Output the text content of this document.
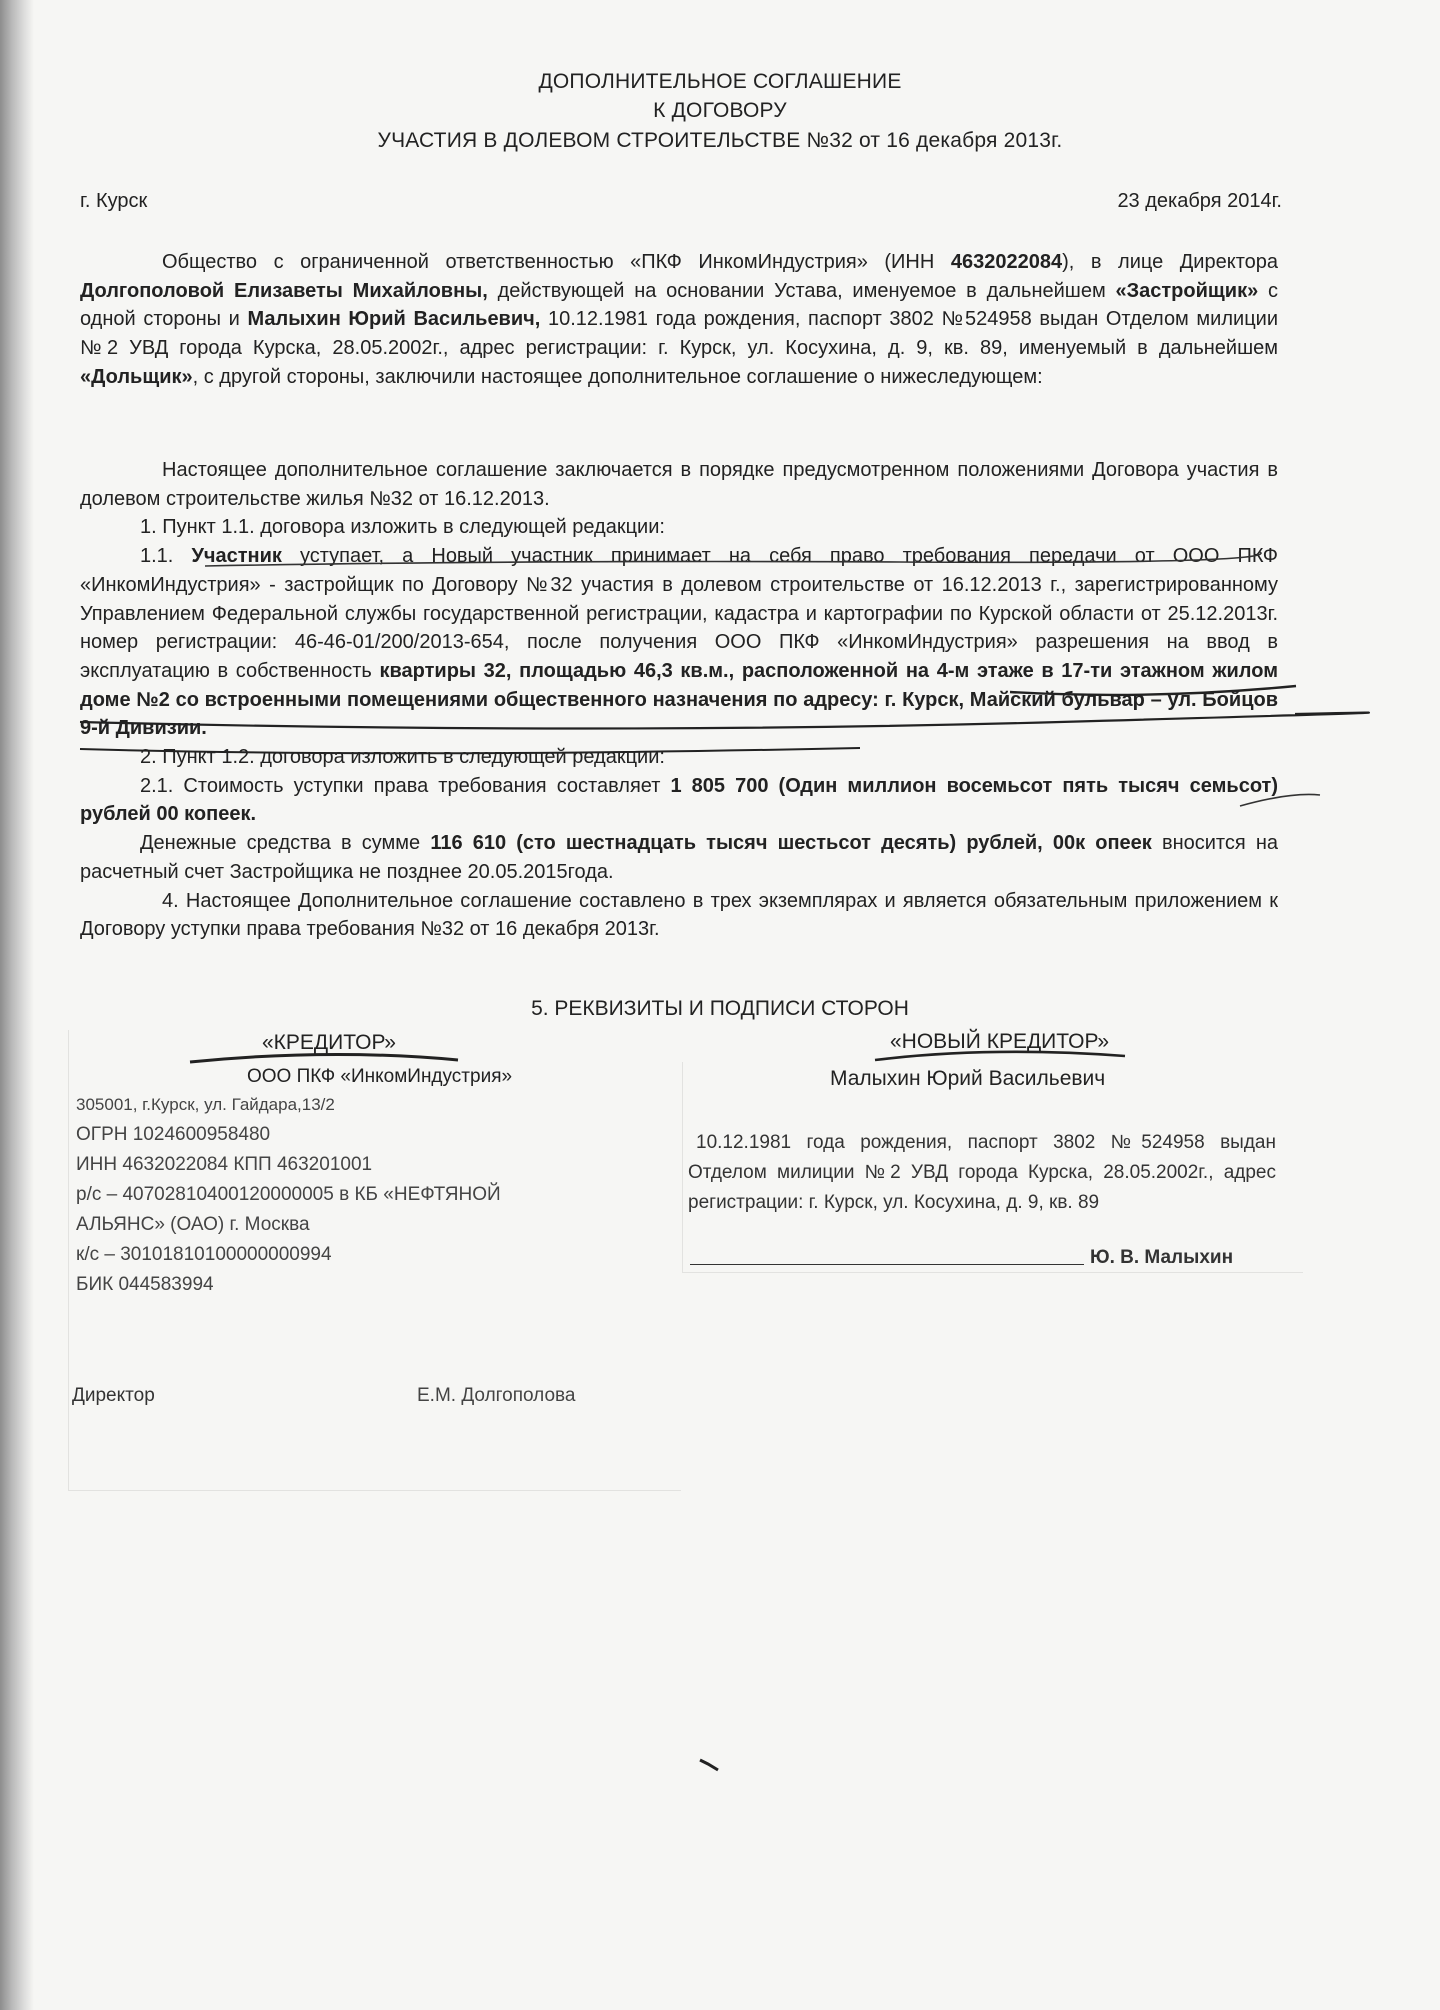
ДОПОЛНИТЕЛЬНОЕ СОГЛАШЕНИЕ
К ДОГОВОРУ
УЧАСТИЯ В ДОЛЕВОМ СТРОИТЕЛЬСТВЕ №32 от 16 декабря 2013г.
г. Курск	23 декабря 2014г.
Общество с ограниченной ответственностью «ПКФ ИнкомИндустрия» (ИНН 4632022084), в лице Директора Долгополовой Елизаветы Михайловны, действующей на основании Устава, именуемое в дальнейшем «Застройщик» с одной стороны и Малыхин Юрий Васильевич, 10.12.1981 года рождения, паспорт 3802 №524958 выдан Отделом милиции №2 УВД города Курска, 28.05.2002г., адрес регистрации: г. Курск, ул. Косухина, д. 9, кв. 89, именуемый в дальнейшем «Дольщик», с другой стороны, заключили настоящее дополнительное соглашение о нижеследующем:
Настоящее дополнительное соглашение заключается в порядке предусмотренном положениями Договора участия в долевом строительстве жилья №32 от 16.12.2013.
1. Пункт 1.1. договора изложить в следующей редакции:
1.1. Участник уступает, а Новый участник принимает на себя право требования передачи от ООО ПКФ «ИнкомИндустрия» - застройщик по Договору №32 участия в долевом строительстве от 16.12.2013 г., зарегистрированному Управлением Федеральной службы государственной регистрации, кадастра и картографии по Курской области от 25.12.2013г. номер регистрации: 46-46-01/200/2013-654, после получения ООО ПКФ «ИнкомИндустрия» разрешения на ввод в эксплуатацию в собственность квартиры 32, площадью 46,3 кв.м., расположенной на 4-м этаже в 17-ти этажном жилом доме №2 со встроенными помещениями общественного назначения по адресу: г. Курск, Майский бульвар – ул. Бойцов 9-й Дивизии.
2. Пункт 1.2. договора изложить в следующей редакции:
2.1. Стоимость уступки права требования составляет 1 805 700 (Один миллион восемьсот пять тысяч семьсот) рублей 00 копеек.
Денежные средства в сумме 116 610 (сто шестнадцать тысяч шестьсот десять) рублей, 00к опеек вносится на расчетный счет Застройщика не позднее 20.05.2015года.
4. Настоящее Дополнительное соглашение составлено в трех экземплярах и является обязательным приложением к Договору уступки права требования №32 от 16 декабря 2013г.
5. РЕКВИЗИТЫ И ПОДПИСИ СТОРОН
«КРЕДИТОР»
ООО ПКФ «ИнкомИндустрия»
305001, г.Курск, ул. Гайдара,13/2
ОГРН 1024600958480
ИНН 4632022084 КПП 463201001
р/с – 40702810400120000005 в КБ «НЕФТЯНОЙ
АЛЬЯНС» (ОАО) г. Москва
к/с – 30101810100000000994
БИК 044583994
Директор	Е.М. Долгополова
«НОВЫЙ КРЕДИТОР»
Малыхин Юрий Васильевич
10.12.1981 года рождения, паспорт 3802 №524958 выдан Отделом милиции №2 УВД города Курска, 28.05.2002г., адрес регистрации: г. Курск, ул. Косухина, д. 9, кв. 89
Ю. В. Малыхин
